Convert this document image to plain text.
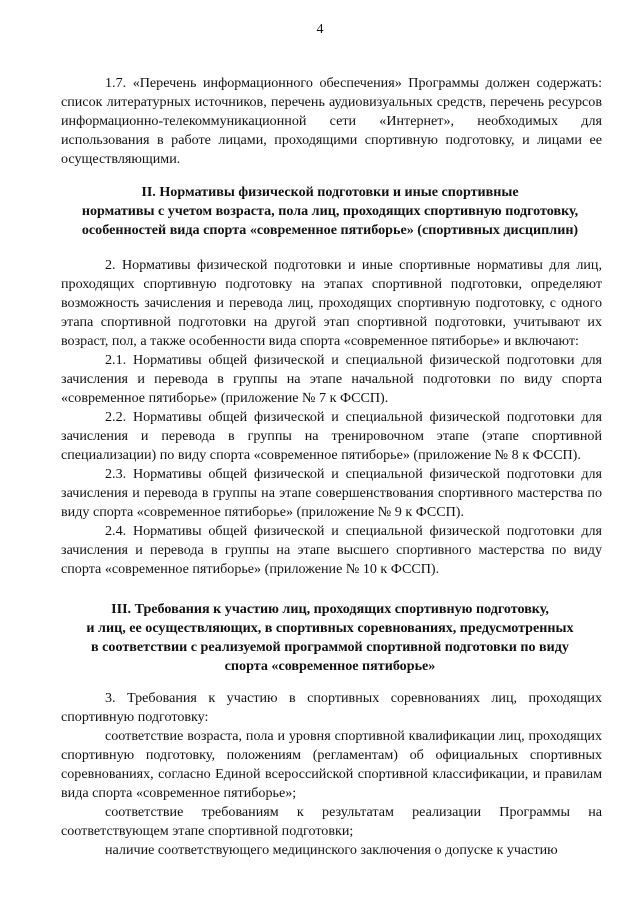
4

1.7. «Перечень информационного обеспечения» Программы должен содержать: список литературных источников, перечень аудиовизуальных средств, перечень ресурсов информационно-телекоммуникационной сети «Интернет», необходимых для использования в работе лицами, проходящими спортивную подготовку, и лицами ее осуществляющими.

II. Нормативы физической подготовки и иные спортивные
нормативы с учетом возраста, пола лиц, проходящих спортивную подготовку,
особенностей вида спорта «современное пятиборье» (спортивных дисциплин)

2. Нормативы физической подготовки и иные спортивные нормативы для лиц, проходящих спортивную подготовку на этапах спортивной подготовки, определяют возможность зачисления и перевода лиц, проходящих спортивную подготовку, с одного этапа спортивной подготовки на другой этап спортивной подготовки, учитывают их возраст, пол, а также особенности вида спорта «современное пятиборье» и включают:

2.1. Нормативы общей физической и специальной физической подготовки для зачисления и перевода в группы на этапе начальной подготовки по виду спорта «современное пятиборье» (приложение № 7 к ФССП).

2.2. Нормативы общей физической и специальной физической подготовки для зачисления и перевода в группы на тренировочном этапе (этапе спортивной специализации) по виду спорта «современное пятиборье» (приложение № 8 к ФССП).

2.3. Нормативы общей физической и специальной физической подготовки для зачисления и перевода в группы на этапе совершенствования спортивного мастерства по виду спорта «современное пятиборье» (приложение № 9 к ФССП).

2.4. Нормативы общей физической и специальной физической подготовки для зачисления и перевода в группы на этапе высшего спортивного мастерства по виду спорта «современное пятиборье» (приложение № 10 к ФССП).

III. Требования к участию лиц, проходящих спортивную подготовку,
и лиц, ее осуществляющих, в спортивных соревнованиях, предусмотренных
в соответствии с реализуемой программой спортивной подготовки по виду
спорта «современное пятиборье»

3. Требования к участию в спортивных соревнованиях лиц, проходящих спортивную подготовку:

соответствие возраста, пола и уровня спортивной квалификации лиц, проходящих спортивную подготовку, положениям (регламентам) об официальных спортивных соревнованиях, согласно Единой всероссийской спортивной классификации, и правилам вида спорта «современное пятиборье»;

соответствие требованиям к результатам реализации Программы на соответствующем этапе спортивной подготовки;

наличие соответствующего медицинского заключения о допуске к участию
